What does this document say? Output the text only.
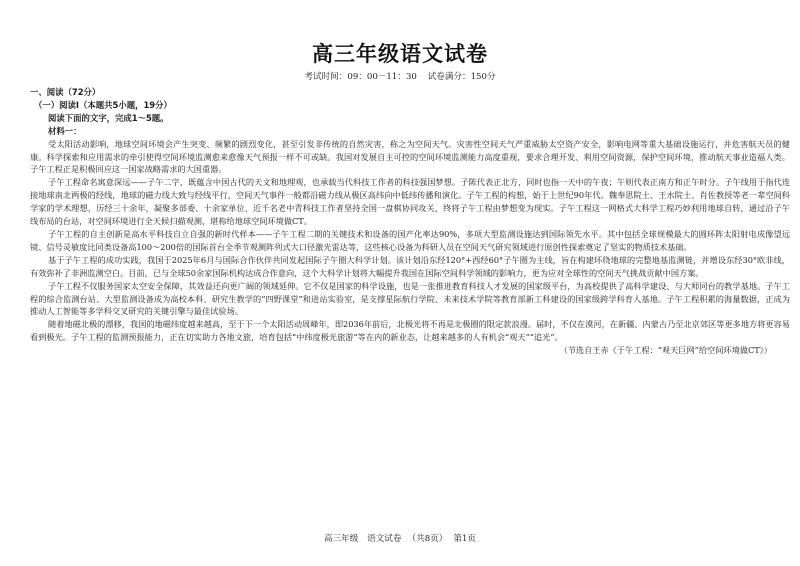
高三年级语文试卷
考试时间：09：00－11：30 试卷满分：150分
一、阅读（72分）
（一）阅读Ⅰ（本题共5小题，19分）
阅读下面的文字，完成1～5题。
材料一：

受太阳活动影响，地球空间环境会产生突变、频繁的剧烈变化，甚至引发非传统的自然灾害，称之为空间天气。灾害性空间天气严重威胁太空资产安全，影响电网等重大基础设施运行，并危害航天员的健康。科学探索和应用需求的牵引使得空间环境监测愈来愈像天气预报一样不可或缺。我国对发展自主可控的空间环境监测能力高度重视，要求合理开发、利用空间资源，保护空间环境，推动航天事业造福人类。子午工程正是积极回应这一国家战略需求的大国重器。

子午工程命名寓意深远——子午二字，既蕴含中国古代的天文和地理观，也承载当代科技工作者的科技强国梦想。子陈代表正北方，同时也指一天中的午夜；午则代表正南方和正午时分。子午线用于指代连接地球南北两极的经线，地球的磁力线大致与经线平行，空间天气事件一般都沿磁力线从极区高纬向中低纬传播和演化。子午工程的构想，始于上世纪90年代。魏奉思院士、王水院士、肖佐教授等老一辈空间科学家的学术理想，历经三十余年，凝聚多部委、十余家单位、近千名老中青科技工作者坚持全国一盘棋协同攻关，终将子午工程由梦想变为现实。子午工程这一网格式大科学工程巧妙利用地球自转，通过沿子午线布局的台站，对空间环境进行全天候扫描观测，堪称给地球空间环境做CT。

子午工程的自主创新是高水平科技自立自强的新时代样本——子午工程二期的关键技术和设备的国产化率达90%，多项大型监测设施达到国际领先水平。其中包括全球规模最大的圆环阵太阳射电成像望远镜、信号灵敏度比同类设备高100～200倍的国际首台全季节观测阵列式大口径激光雷达等，这些核心设备为科研人员在空间天气研究领域进行原创性探索奠定了坚实的物质技术基础。

基于子午工程的成功实践，我国于2025年6月与国际合作伙伴共同发起国际子午圈大科学计划。该计划沿东经120°+西经60°子午圈为主线，旨在构建环绕地球的完整地基监测链，并增设东经30°欧非线，有效弥补了非洲监测空白。目前，已与全球50余家国际机构达成合作意向，这个大科学计划将大幅提升我国在国际空间科学领域的影响力，更为应对全球性的空间天气挑战贡献中国方案。

子午工程不仅服务国家太空安全保障，其效益还向更广阔的领域延伸。它不仅是国家的科学设施，也是一张推进教育科技人才发展的国家级平台，为高校提供了高科学建设、与大师同台的教学基地。子午工程的综合监测台站、大型监测设备成为高校本科、研究生教学的“四野课堂”和进站实验室，是支撑星际航行学院、未来技术学院等教育部新工科建设的国家级跨学科育人基地。子午工程积累的海量数据，正成为推动人工智能等多学科交叉研究的关键引擎与最佳试验场。

随着地磁北极的漂移，我国的地磁纬度越来越高，至于下一个太阳活动周峰年，即2036年前后，北极光将不再是北极圈的限定款浪漫。届时，不仅在漠河，在新疆、内蒙古乃至北京郊区等更多地方将更容易看到极光。子午工程的监测预报能力，正在切实助力各地文旅，培育包括“中纬度极光旅游”等在内的新业态，让越来越多的人有机会“观天”“追光”。

（节选自王赤《于午工程：“观天巨网”给空间环境做CT》）
高三年级 语文试卷 （共8页） 第1页
